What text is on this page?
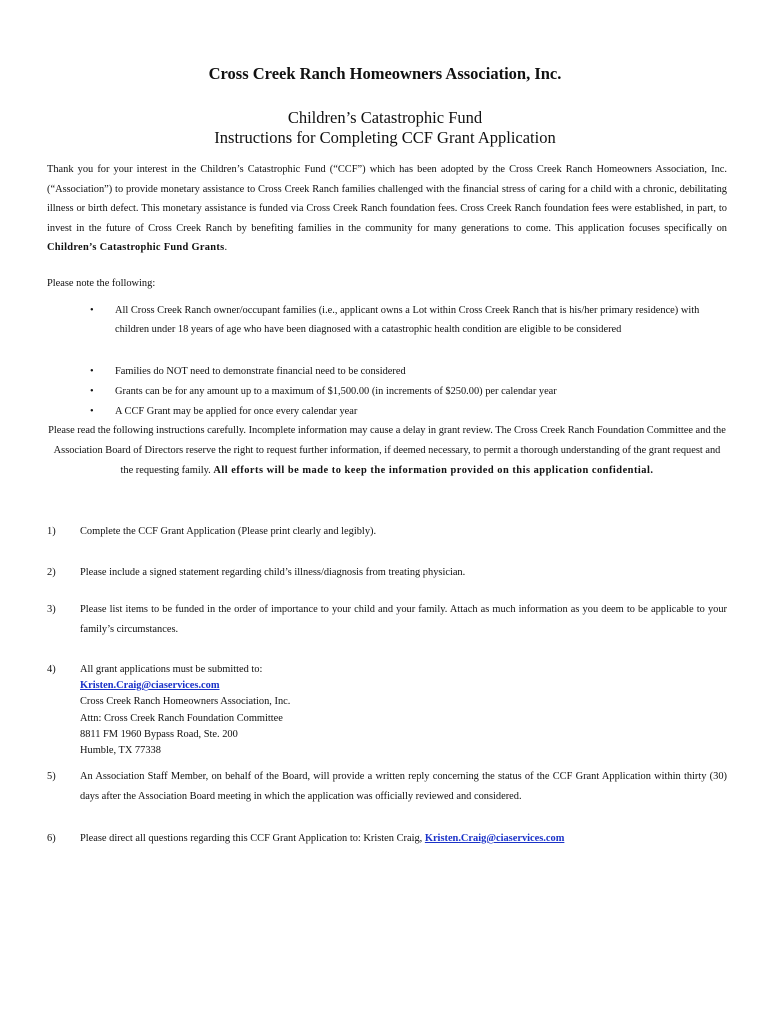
Cross Creek Ranch Homeowners Association, Inc.
Children’s Catastrophic Fund
Instructions for Completing CCF Grant Application
Thank you for your interest in the Children’s Catastrophic Fund (“CCF”) which has been adopted by the Cross Creek Ranch Homeowners Association, Inc. (“Association”) to provide monetary assistance to Cross Creek Ranch families challenged with the financial stress of caring for a child with a chronic, debilitating illness or birth defect. This monetary assistance is funded via Cross Creek Ranch foundation fees. Cross Creek Ranch foundation fees were established, in part, to invest in the future of Cross Creek Ranch by benefiting families in the community for many generations to come. This application focuses specifically on Children’s Catastrophic Fund Grants.
Please note the following:
• All Cross Creek Ranch owner/occupant families (i.e., applicant owns a Lot within Cross Creek Ranch that is his/her primary residence) with children under 18 years of age who have been diagnosed with a catastrophic health condition are eligible to be considered
• Families do NOT need to demonstrate financial need to be considered
• Grants can be for any amount up to a maximum of $1,500.00 (in increments of $250.00) per calendar year
• A CCF Grant may be applied for once every calendar year
Please read the following instructions carefully. Incomplete information may cause a delay in grant review. The Cross Creek Ranch Foundation Committee and the Association Board of Directors reserve the right to request further information, if deemed necessary, to permit a thorough understanding of the grant request and the requesting family. All efforts will be made to keep the information provided on this application confidential.
1) Complete the CCF Grant Application (Please print clearly and legibly).
2) Please include a signed statement regarding child’s illness/diagnosis from treating physician.
3) Please list items to be funded in the order of importance to your child and your family. Attach as much information as you deem to be applicable to your family’s circumstances.
4) All grant applications must be submitted to:
Kristen.Craig@ciaservices.com
Cross Creek Ranch Homeowners Association, Inc.
Attn: Cross Creek Ranch Foundation Committee
8811 FM 1960 Bypass Road, Ste. 200
Humble, TX 77338
5) An Association Staff Member, on behalf of the Board, will provide a written reply concerning the status of the CCF Grant Application within thirty (30) days after the Association Board meeting in which the application was officially reviewed and considered.
6) Please direct all questions regarding this CCF Grant Application to: Kristen Craig, Kristen.Craig@ciaservices.com
